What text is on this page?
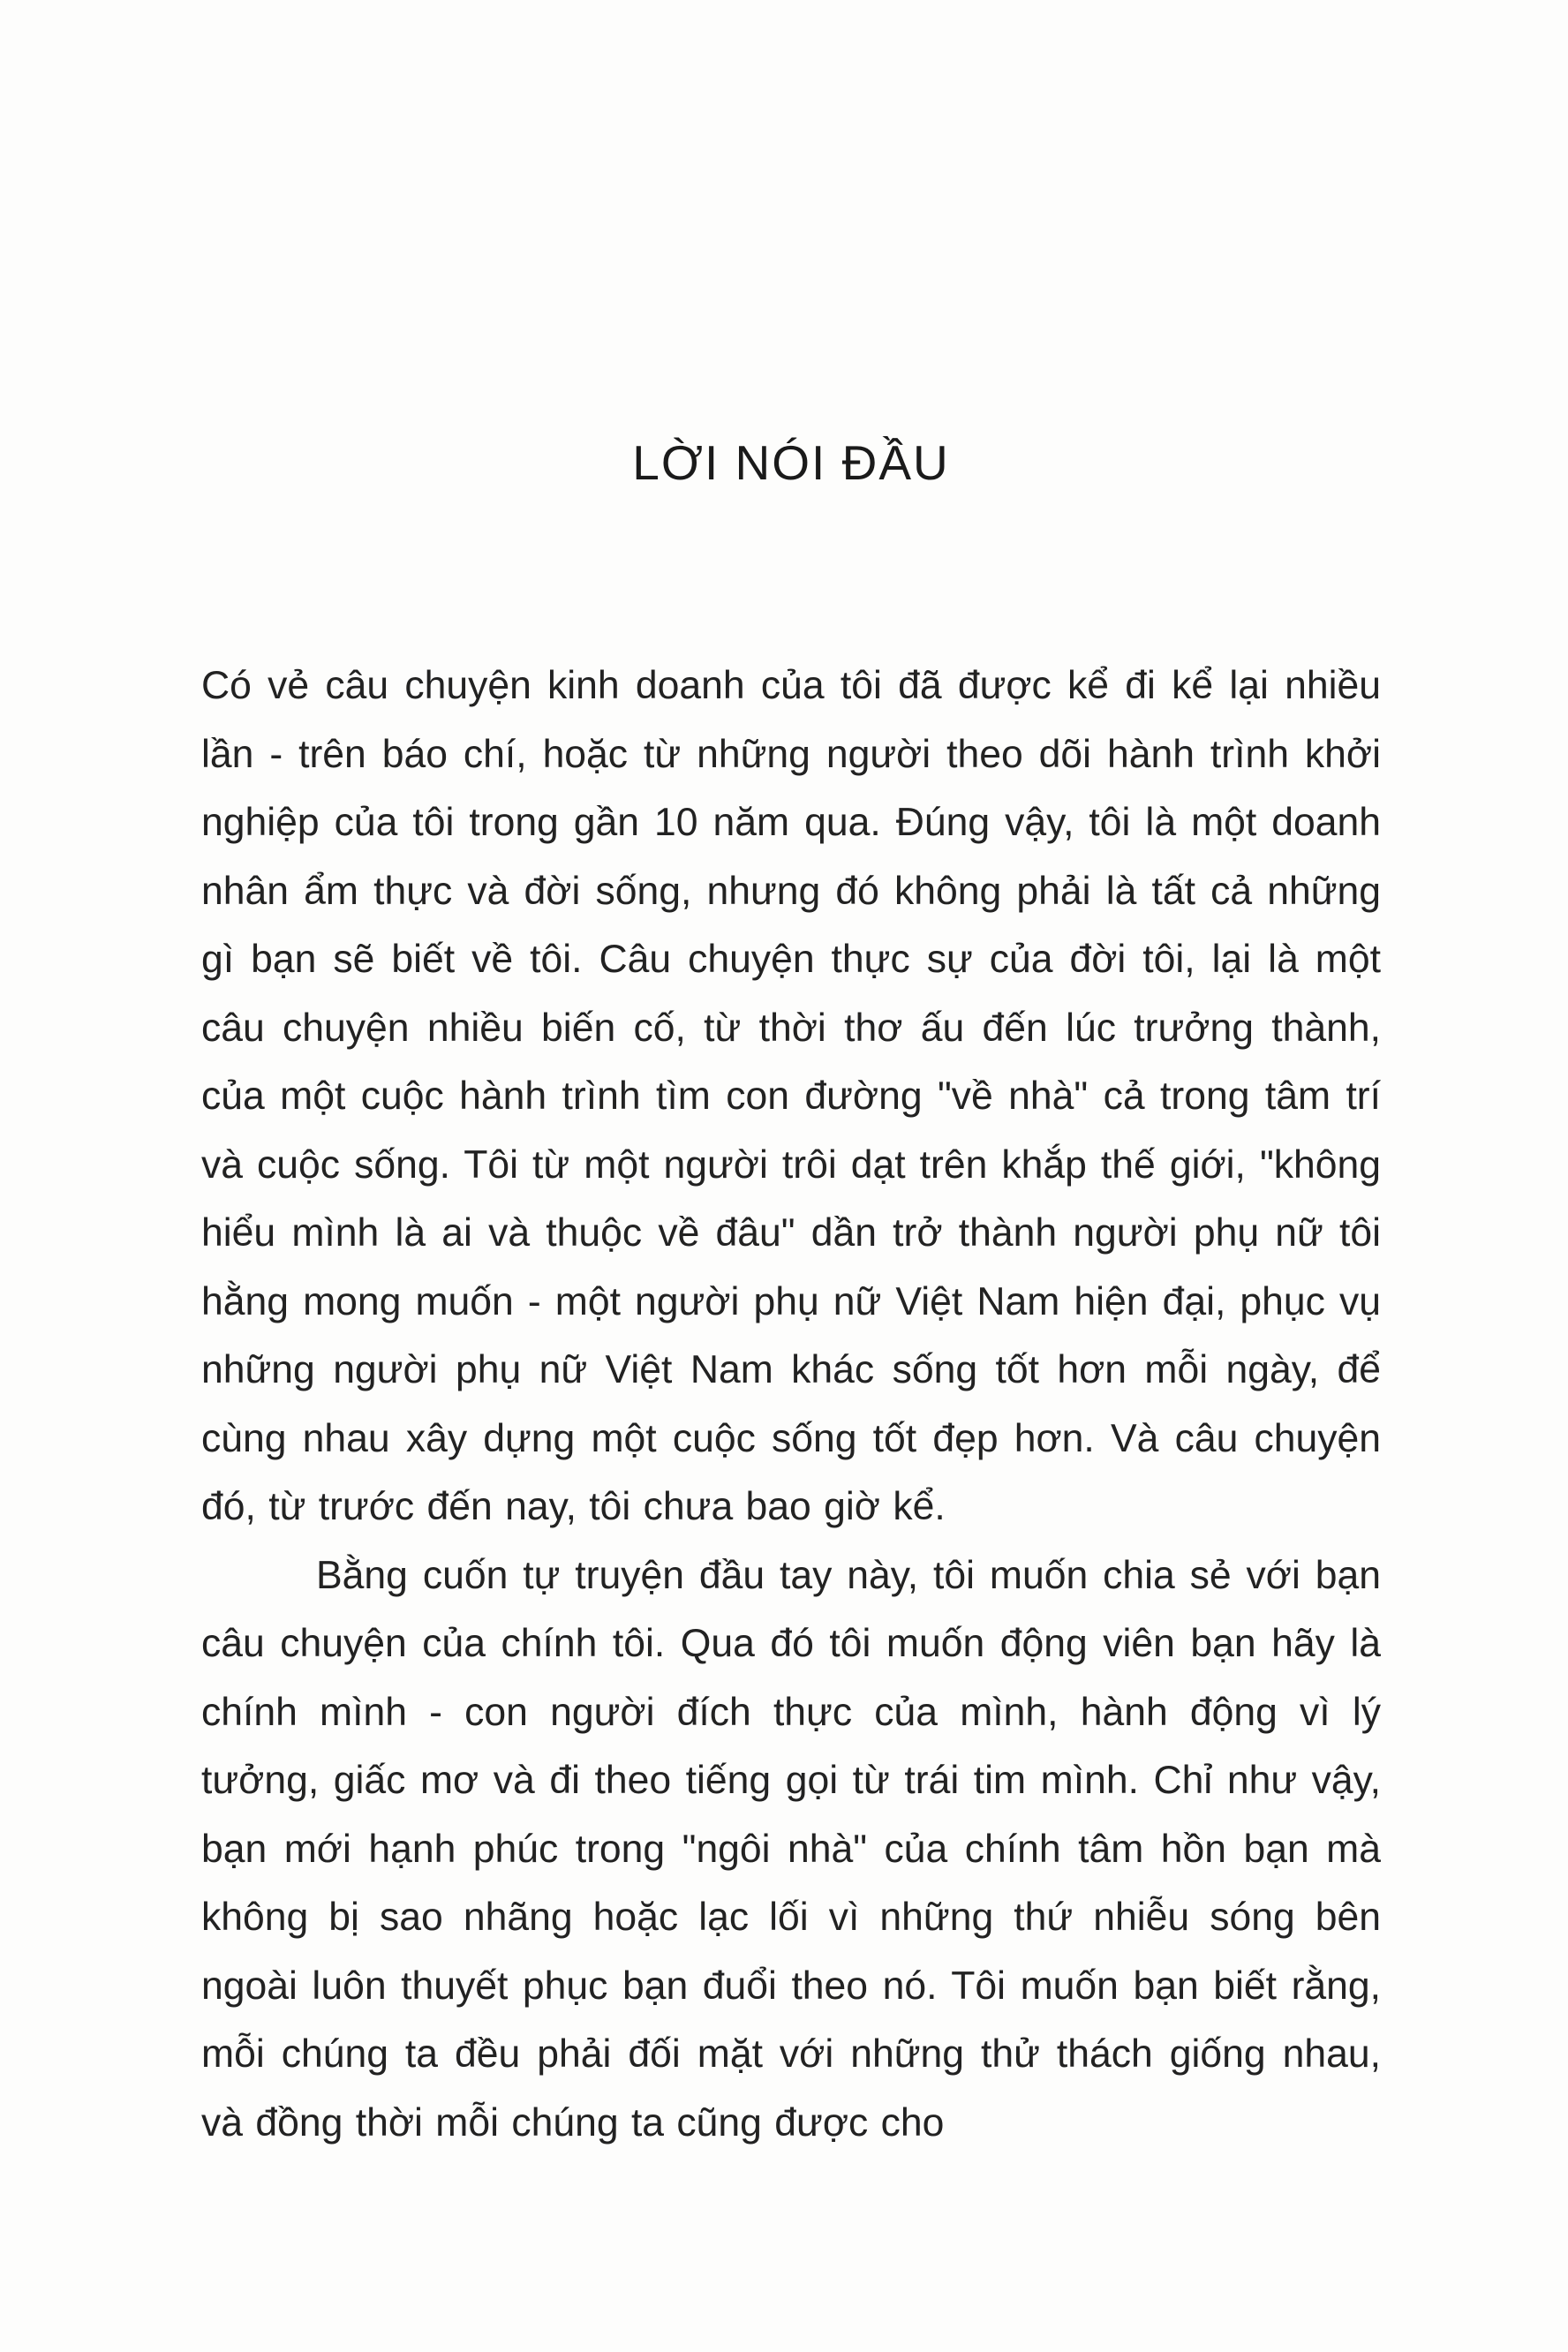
LỜI NÓI ĐẦU

Có vẻ câu chuyện kinh doanh của tôi đã được kể đi kể lại nhiều lần - trên báo chí, hoặc từ những người theo dõi hành trình khởi nghiệp của tôi trong gần 10 năm qua. Đúng vậy, tôi là một doanh nhân ẩm thực và đời sống, nhưng đó không phải là tất cả những gì bạn sẽ biết về tôi. Câu chuyện thực sự của đời tôi, lại là một câu chuyện nhiều biến cố, từ thời thơ ấu đến lúc trưởng thành, của một cuộc hành trình tìm con đường "về nhà" cả trong tâm trí và cuộc sống. Tôi từ một người trôi dạt trên khắp thế giới, "không hiểu mình là ai và thuộc về đâu" dần trở thành người phụ nữ tôi hằng mong muốn - một người phụ nữ Việt Nam hiện đại, phục vụ những người phụ nữ Việt Nam khác sống tốt hơn mỗi ngày, để cùng nhau xây dựng một cuộc sống tốt đẹp hơn. Và câu chuyện đó, từ trước đến nay, tôi chưa bao giờ kể.

Bằng cuốn tự truyện đầu tay này, tôi muốn chia sẻ với bạn câu chuyện của chính tôi. Qua đó tôi muốn động viên bạn hãy là chính mình - con người đích thực của mình, hành động vì lý tưởng, giấc mơ và đi theo tiếng gọi từ trái tim mình. Chỉ như vậy, bạn mới hạnh phúc trong "ngôi nhà" của chính tâm hồn bạn mà không bị sao nhãng hoặc lạc lối vì những thứ nhiễu sóng bên ngoài luôn thuyết phục bạn đuổi theo nó. Tôi muốn bạn biết rằng, mỗi chúng ta đều phải đối mặt với những thử thách giống nhau, và đồng thời mỗi chúng ta cũng được cho
